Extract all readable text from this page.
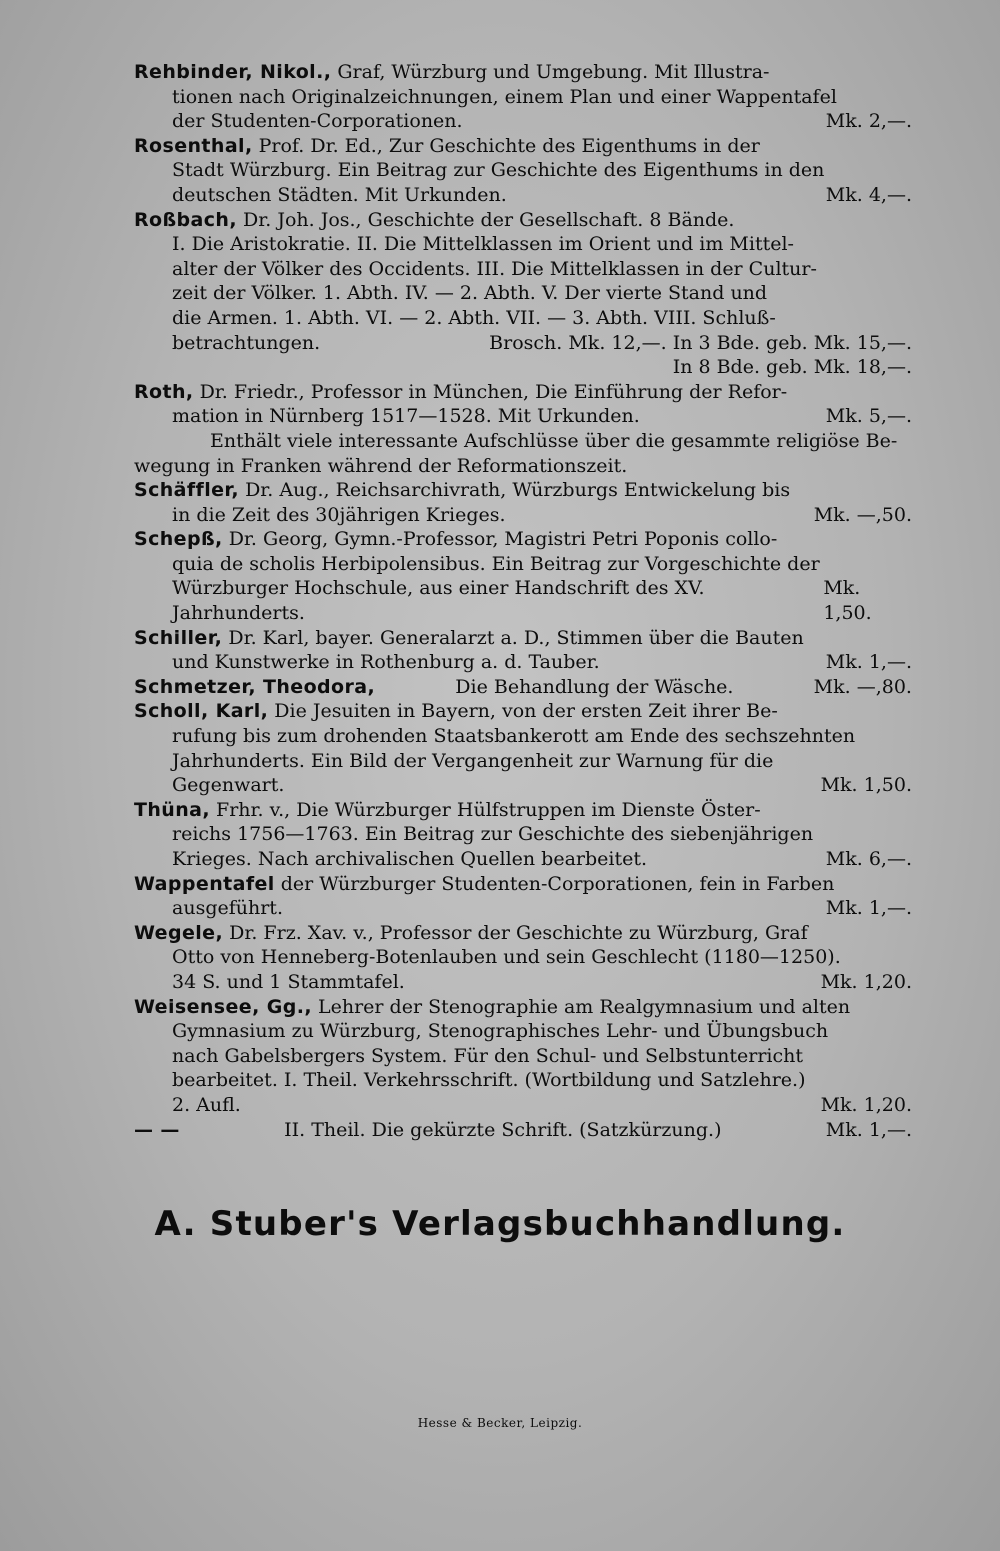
Rehbinder, Nikol., Graf, Würzburg und Umgebung. Mit Illustra-
tionen nach Originalzeichnungen, einem Plan und einer Wappentafel
der Studenten-Corporationen.	Mk. 2,—.
Rosenthal, Prof. Dr. Ed., Zur Geschichte des Eigenthums in der
Stadt Würzburg. Ein Beitrag zur Geschichte des Eigenthums in den
deutschen Städten. Mit Urkunden.	Mk. 4,—.
Roßbach, Dr. Joh. Jos., Geschichte der Gesellschaft. 8 Bände.
I. Die Aristokratie. II. Die Mittelklassen im Orient und im Mittel-
alter der Völker des Occidents. III. Die Mittelklassen in der Cultur-
zeit der Völker. 1. Abth. IV. — 2. Abth. V. Der vierte Stand und
die Armen. 1. Abth. VI. — 2. Abth. VII. — 3. Abth. VIII. Schluß-
betrachtungen.	Brosch. Mk. 12,—. In 3 Bde. geb. Mk. 15,—.
In 8 Bde. geb. Mk. 18,—.
Roth, Dr. Friedr., Professor in München, Die Einführung der Refor-
mation in Nürnberg 1517—1528. Mit Urkunden.	Mk. 5,—.
Enthält viele interessante Aufschlüsse über die gesammte religiöse Be-
wegung in Franken während der Reformationszeit.
Schäffler, Dr. Aug., Reichsarchivrath, Würzburgs Entwickelung bis
in die Zeit des 30jährigen Krieges.	Mk. —,50.
Schepß, Dr. Georg, Gymn.-Professor, Magistri Petri Poponis collo-
quia de scholis Herbipolensibus. Ein Beitrag zur Vorgeschichte der
Würzburger Hochschule, aus einer Handschrift des XV. Jahrhunderts.
Mk. 1,50.
Schiller, Dr. Karl, bayer. Generalarzt a. D., Stimmen über die Bauten
und Kunstwerke in Rothenburg a. d. Tauber.	Mk. 1,—.
Schmetzer, Theodora,	Die Behandlung der Wäsche.	Mk. —,80.
Scholl, Karl, Die Jesuiten in Bayern, von der ersten Zeit ihrer Be-
rufung bis zum drohenden Staatsbankerott am Ende des sechszehnten
Jahrhunderts. Ein Bild der Vergangenheit zur Warnung für die
Gegenwart.	Mk. 1,50.
Thüna, Frhr. v., Die Würzburger Hülfstruppen im Dienste Öster-
reichs 1756—1763. Ein Beitrag zur Geschichte des siebenjährigen
Krieges. Nach archivalischen Quellen bearbeitet.	Mk. 6,—.
Wappentafel der Würzburger Studenten-Corporationen, fein in Farben
ausgeführt.	Mk. 1,—.
Wegele, Dr. Frz. Xav. v., Professor der Geschichte zu Würzburg, Graf
Otto von Henneberg-Botenlauben und sein Geschlecht (1180—1250).
34 S. und 1 Stammtafel.	Mk. 1,20.
Weisensee, Gg., Lehrer der Stenographie am Realgymnasium und alten
Gymnasium zu Würzburg, Stenographisches Lehr- und Übungsbuch
nach Gabelsbergers System. Für den Schul- und Selbstunterricht
bearbeitet. I. Theil. Verkehrsschrift. (Wortbildung und Satzlehre.)
2. Aufl.	Mk. 1,20.
— —	II. Theil. Die gekürzte Schrift. (Satzkürzung.)	Mk. 1,—.
A. Stuber's Verlagsbuchhandlung.
Hesse & Becker, Leipzig.
